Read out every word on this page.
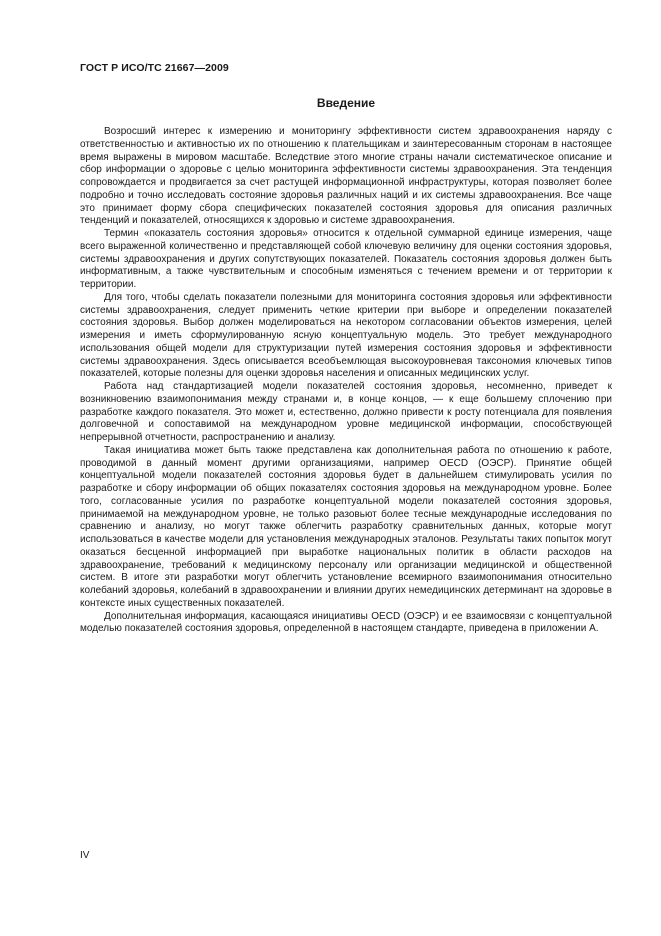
ГОСТ Р ИСО/ТС 21667—2009
Введение

Возросший интерес к измерению и мониторингу эффективности систем здравоохранения наряду с ответственностью и активностью их по отношению к плательщикам и заинтересованным сторонам в настоящее время выражены в мировом масштабе. Вследствие этого многие страны начали систематическое описание и сбор информации о здоровье с целью мониторинга эффективности системы здравоохранения. Эта тенденция сопровождается и продвигается за счет растущей информационной инфраструктуры, которая позволяет более подробно и точно исследовать состояние здоровья различных наций и их системы здравоохранения. Все чаще это принимает форму сбора специфических показателей состояния здоровья для описания различных тенденций и показателей, относящихся к здоровью и системе здравоохранения.

Термин «показатель состояния здоровья» относится к отдельной суммарной единице измерения, чаще всего выраженной количественно и представляющей собой ключевую величину для оценки состояния здоровья, системы здравоохранения и других сопутствующих показателей. Показатель состояния здоровья должен быть информативным, а также чувствительным и способным изменяться с течением времени и от территории к территории.

Для того, чтобы сделать показатели полезными для мониторинга состояния здоровья или эффективности системы здравоохранения, следует применить четкие критерии при выборе и определении показателей состояния здоровья. Выбор должен моделироваться на некотором согласовании объектов измерения, целей измерения и иметь сформулированную ясную концептуальную модель. Это требует международного использования общей модели для структуризации путей измерения состояния здоровья и эффективности системы здравоохранения. Здесь описывается всеобъемлющая высокоуровневая таксономия ключевых типов показателей, которые полезны для оценки здоровья населения и описанных медицинских услуг.

Работа над стандартизацией модели показателей состояния здоровья, несомненно, приведет к возникновению взаимопонимания между странами и, в конце концов, — к еще большему сплочению при разработке каждого показателя. Это может и, естественно, должно привести к росту потенциала для появления долговечной и сопоставимой на международном уровне медицинской информации, способствующей непрерывной отчетности, распространению и анализу.

Такая инициатива может быть также представлена как дополнительная работа по отношению к работе, проводимой в данный момент другими организациями, например OECD (ОЭСР). Принятие общей концептуальной модели показателей состояния здоровья будет в дальнейшем стимулировать усилия по разработке и сбору информации об общих показателях состояния здоровья на международном уровне. Более того, согласованные усилия по разработке концептуальной модели показателей состояния здоровья, принимаемой на международном уровне, не только разовьют более тесные международные исследования по сравнению и анализу, но могут также облегчить разработку сравнительных данных, которые могут использоваться в качестве модели для установления международных эталонов. Результаты таких попыток могут оказаться бесценной информацией при выработке национальных политик в области расходов на здравоохранение, требований к медицинскому персоналу или организации медицинской и общественной систем. В итоге эти разработки могут облегчить установление всемирного взаимопонимания относительно колебаний здоровья, колебаний в здравоохранении и влиянии других немедицинских детерминант на здоровье в контексте иных существенных показателей.

Дополнительная информация, касающаяся инициативы OECD (ОЭСР) и ее взаимосвязи с концептуальной моделью показателей состояния здоровья, определенной в настоящем стандарте, приведена в приложении А.

IV
